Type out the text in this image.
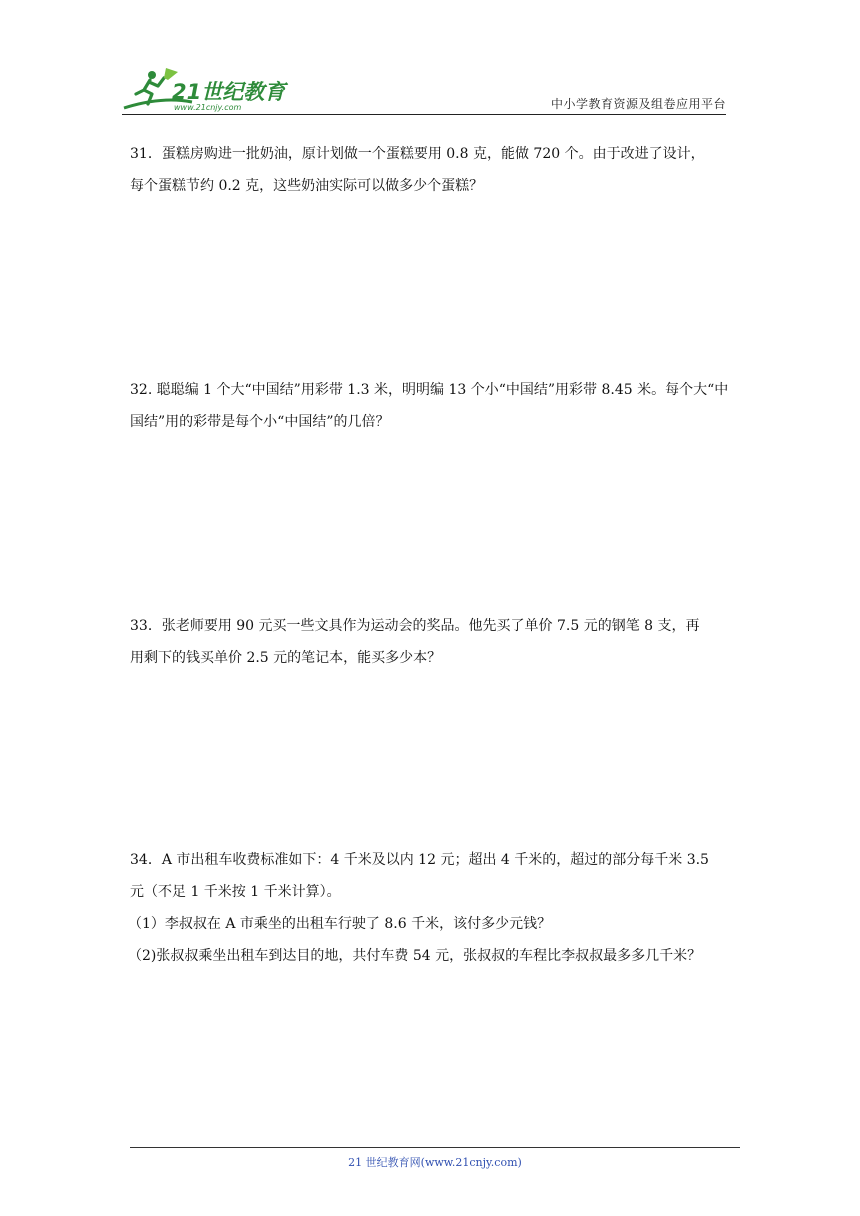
21世纪教育
www.21cnjy.com	中小学教育资源及组卷应用平台
31．蛋糕房购进一批奶油，原计划做一个蛋糕要用 0.8 克，能做 720 个。由于改进了设计，
每个蛋糕节约 0.2 克，这些奶油实际可以做多少个蛋糕？
32. 聪聪编 1 个大“中国结”用彩带 1.3 米，明明编 13 个小“中国结”用彩带 8.45 米。每个大“中
国结”用的彩带是每个小“中国结”的几倍？
33．张老师要用 90 元买一些文具作为运动会的奖品。他先买了单价 7.5 元的钢笔 8 支，再
用剩下的钱买单价 2.5 元的笔记本，能买多少本？
34．A 市出租车收费标准如下：4 千米及以内 12 元；超出 4 千米的，超过的部分每千米 3.5
元（不足 1 千米按 1 千米计算）。
（1）李叔叔在 A 市乘坐的出租车行驶了 8.6 千米，该付多少元钱？
（2)张叔叔乘坐出租车到达目的地，共付车费 54 元，张叔叔的车程比李叔叔最多多几千米？
21 世纪教育网(www.21cnjy.com)
